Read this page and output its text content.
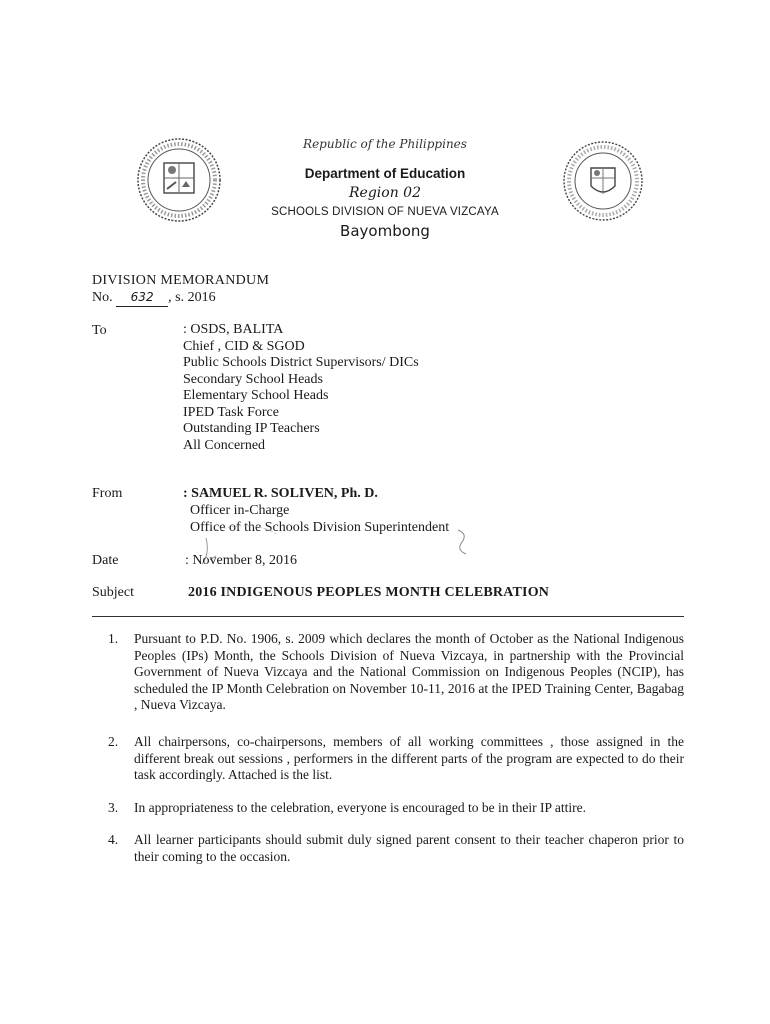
Republic of the Philippines
Department of Education
Region 02
SCHOOLS DIVISION OF NUEVA VIZCAYA
Bayombong
DIVISION MEMORANDUM
No. 632 , s. 2016
To	: OSDS, BALITA
Chief , CID & SGOD
Public Schools District Supervisors/ DICs
Secondary School Heads
Elementary School Heads
IPED Task Force
Outstanding IP Teachers
All Concerned
From	: SAMUEL R. SOLIVEN, Ph. D.
Officer in-Charge
Office of the Schools Division Superintendent
Date	: November 8, 2016
Subject	2016 INDIGENOUS PEOPLES MONTH CELEBRATION
1. Pursuant to P.D. No. 1906, s. 2009 which declares the month of October as the National Indigenous Peoples (IPs) Month, the Schools Division of Nueva Vizcaya, in partnership with the Provincial Government of Nueva Vizcaya and the National Commission on Indigenous Peoples (NCIP), has scheduled the IP Month Celebration on November 10-11, 2016 at the IPED Training Center, Bagabag , Nueva Vizcaya.
2. All chairpersons, co-chairpersons, members of all working committees , those assigned in the different break out sessions , performers in the different parts of the program are expected to do their task accordingly. Attached is the list.
3. In appropriateness to the celebration, everyone is encouraged to be in their IP attire.
4. All learner participants should submit duly signed parent consent to their teacher chaperon prior to their coming to the occasion.
